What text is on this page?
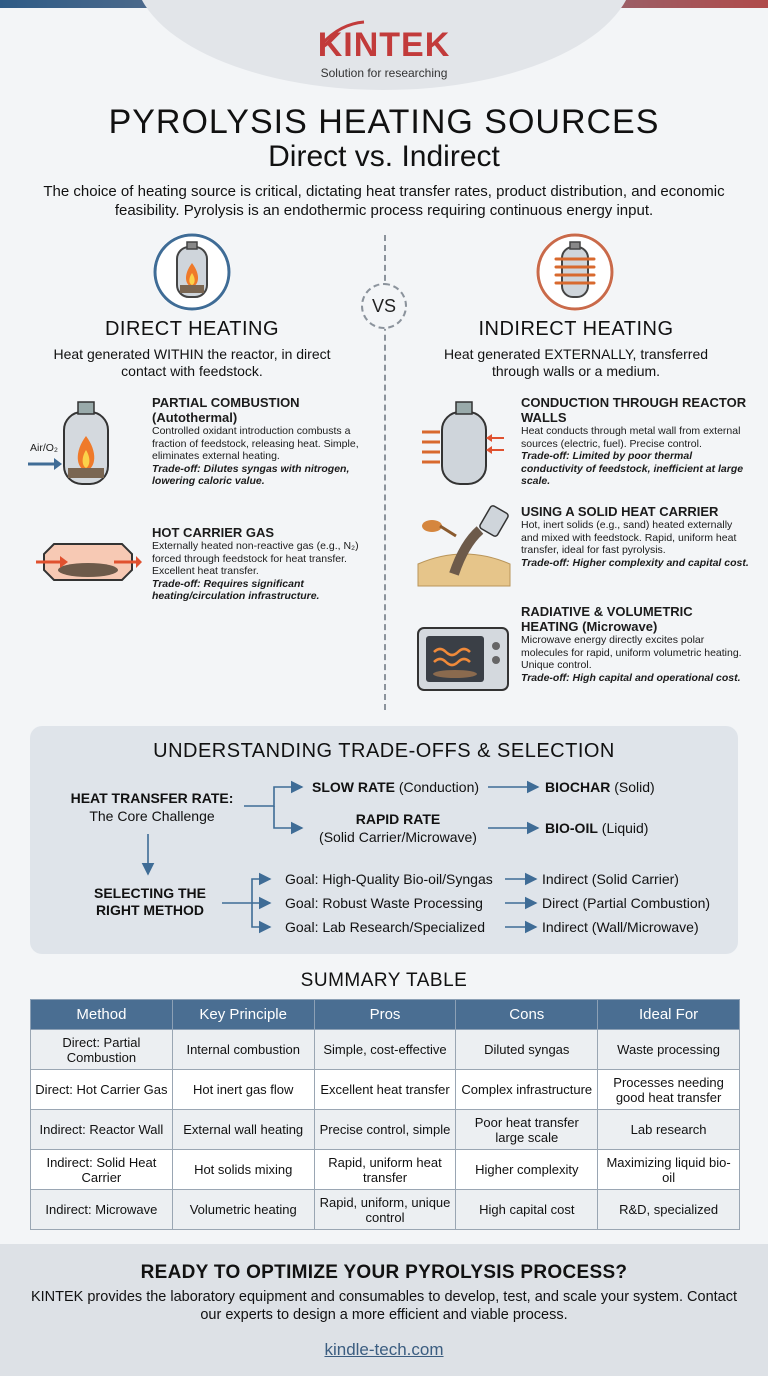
KINTEK
Solution for researching
PYROLYSIS HEATING SOURCES
Direct vs. Indirect
The choice of heating source is critical, dictating heat transfer rates, product distribution, and economic feasibility. Pyrolysis is an endothermic process requiring continuous energy input.
VS
DIRECT HEATING	INDIRECT HEATING
Heat generated WITHIN the reactor, in direct contact with feedstock.
Heat generated EXTERNALLY, transferred through walls or a medium.
Air/O₂
PARTIAL COMBUSTION (Autothermal)
Controlled oxidant introduction combusts a fraction of feedstock, releasing heat. Simple, eliminates external heating.
Trade-off: Dilutes syngas with nitrogen, lowering caloric value.
HOT CARRIER GAS
Externally heated non-reactive gas (e.g., N₂) forced through feedstock for heat transfer. Excellent heat transfer.
Trade-off: Requires significant heating/circulation infrastructure.
CONDUCTION THROUGH REACTOR WALLS
Heat conducts through metal wall from external sources (electric, fuel). Precise control.
Trade-off: Limited by poor thermal conductivity of feedstock, inefficient at large scale.
USING A SOLID HEAT CARRIER
Hot, inert solids (e.g., sand) heated externally and mixed with feedstock. Rapid, uniform heat transfer, ideal for fast pyrolysis.
Trade-off: Higher complexity and capital cost.
RADIATIVE & VOLUMETRIC HEATING (Microwave)
Microwave energy directly excites polar molecules for rapid, uniform volumetric heating. Unique control.
Trade-off: High capital and operational cost.
UNDERSTANDING TRADE-OFFS & SELECTION
HEAT TRANSFER RATE:
The Core Challenge
SLOW RATE (Conduction)	BIOCHAR (Solid)
RAPID RATE
(Solid Carrier/Microwave)
BIO-OIL (Liquid)
SELECTING THE RIGHT METHOD
Goal: High-Quality Bio-oil/Syngas	Indirect (Solid Carrier)
Goal: Robust Waste Processing	Direct (Partial Combustion)
Goal: Lab Research/Specialized	Indirect (Wall/Microwave)
SUMMARY TABLE
Method	Key Principle	Pros	Cons	Ideal For
Direct: Partial Combustion	Internal combustion	Simple, cost-effective	Diluted syngas	Waste processing
Direct: Hot Carrier Gas	Hot inert gas flow	Excellent heat transfer	Complex infrastructure	Processes needing good heat transfer
Indirect: Reactor Wall	External wall heating	Precise control, simple	Poor heat transfer large scale	Lab research
Indirect: Solid Heat Carrier	Hot solids mixing	Rapid, uniform heat transfer	Higher complexity	Maximizing liquid bio-oil
Indirect: Microwave	Volumetric heating	Rapid, uniform, unique control	High capital cost	R&D, specialized
READY TO OPTIMIZE YOUR PYROLYSIS PROCESS?
KINTEK provides the laboratory equipment and consumables to develop, test, and scale your system. Contact our experts to design a more efficient and viable process.
kindle-tech.com
